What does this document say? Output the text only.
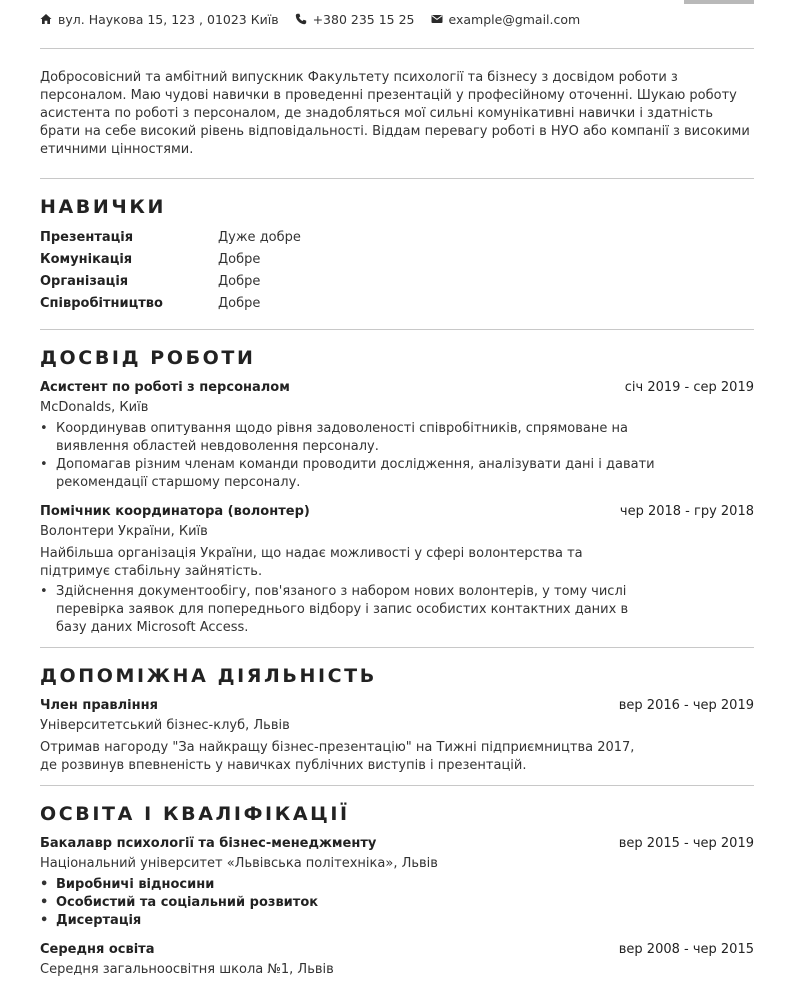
вул. Наукова 15, 123 , 01023 Київ	+380 235 15 25	example@gmail.com
Добросовісний та амбітний випускник Факультету психології та бізнесу з досвідом роботи з персоналом. Маю чудові навички в проведенні презентацій у професійному оточенні. Шукаю роботу асистента по роботі з персоналом, де знадобляться мої сильні комунікативні навички і здатність брати на себе високий рівень відповідальності. Віддам перевагу роботі в НУО або компанії з високими етичними цінностями.
НАВИЧКИ
Презентація	Дуже добре
Комунікація	Добре
Організація	Добре
Співробітництво	Добре
ДОСВІД РОБОТИ
Асистент по роботі з персоналом	січ 2019 - сер 2019
McDonalds, Київ
• Координував опитування щодо рівня задоволеності співробітників, спрямоване на виявлення областей невдоволення персоналу.
• Допомагав різним членам команди проводити дослідження, аналізувати дані і давати рекомендації старшому персоналу.
Помічник координатора (волонтер)	чер 2018 - гру 2018
Волонтери України, Київ
Найбільша організація України, що надає можливості у сфері волонтерства та підтримує стабільну зайнятість.
• Здійснення документообігу, пов'язаного з набором нових волонтерів, у тому числі перевірка заявок для попереднього відбору і запис особистих контактних даних в базу даних Microsoft Access.
ДОПОМІЖНА ДІЯЛЬНІСТЬ
Член правління	вер 2016 - чер 2019
Університетський бізнес-клуб, Львів
Отримав нагороду "За найкращу бізнес-презентацію" на Тижні підприємництва 2017, де розвинув впевненість у навичках публічних виступів і презентацій.
ОСВІТА І КВАЛІФІКАЦІЇ
Бакалавр психології та бізнес-менеджменту	вер 2015 - чер 2019
Національний університет «Львівська політехніка», Львів
• Виробничі відносини
• Особистий та соціальний розвиток
• Дисертація
Середня освіта	вер 2008 - чер 2015
Середня загальноосвітня школа №1, Львів
